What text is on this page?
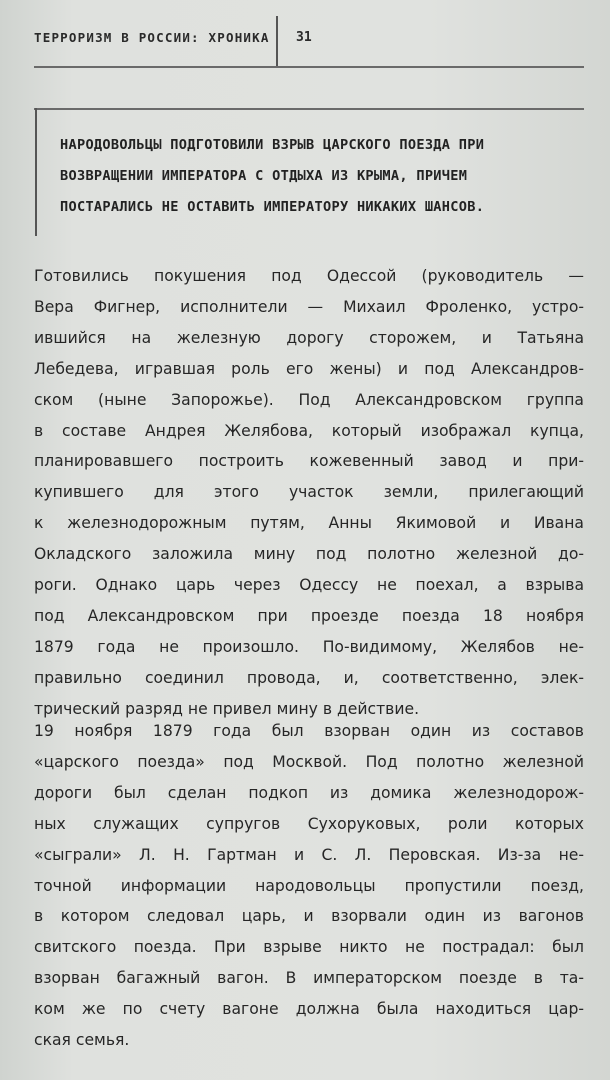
ТЕРРОРИЗМ В РОССИИ: ХРОНИКА 31
НАРОДОВОЛЬЦЫ ПОДГОТОВИЛИ ВЗРЫВ ЦАРСКОГО ПОЕЗДА ПРИ
ВОЗВРАЩЕНИИ ИМПЕРАТОРА С ОТДЫХА ИЗ КРЫМА, ПРИЧЕМ
ПОСТАРАЛИСЬ НЕ ОСТАВИТЬ ИМПЕРАТОРУ НИКАКИХ ШАНСОВ.
Готовились покушения под Одессой (руководитель —
Вера Фигнер, исполнители — Михаил Фроленко, устро-
ившийся на железную дорогу сторожем, и Татьяна
Лебедева, игравшая роль его жены) и под Александров-
ском (ныне Запорожье). Под Александровском группа
в составе Андрея Желябова, который изображал купца,
планировавшего построить кожевенный завод и при-
купившего для этого участок земли, прилегающий
к железнодорожным путям, Анны Якимовой и Ивана
Окладского заложила мину под полотно железной до-
роги. Однако царь через Одессу не поехал, а взрыва
под Александровском при проезде поезда 18 ноября
1879 года не произошло. По-видимому, Желябов не-
правильно соединил провода, и, соответственно, элек-
трический разряд не привел мину в действие.
19 ноября 1879 года был взорван один из составов
«царского поезда» под Москвой. Под полотно железной
дороги был сделан подкоп из домика железнодорож-
ных служащих супругов Сухоруковых, роли которых
«сыграли» Л. Н. Гартман и С. Л. Перовская. Из-за не-
точной информации народовольцы пропустили поезд,
в котором следовал царь, и взорвали один из вагонов
свитского поезда. При взрыве никто не пострадал: был
взорван багажный вагон. В императорском поезде в та-
ком же по счету вагоне должна была находиться цар-
ская семья.
